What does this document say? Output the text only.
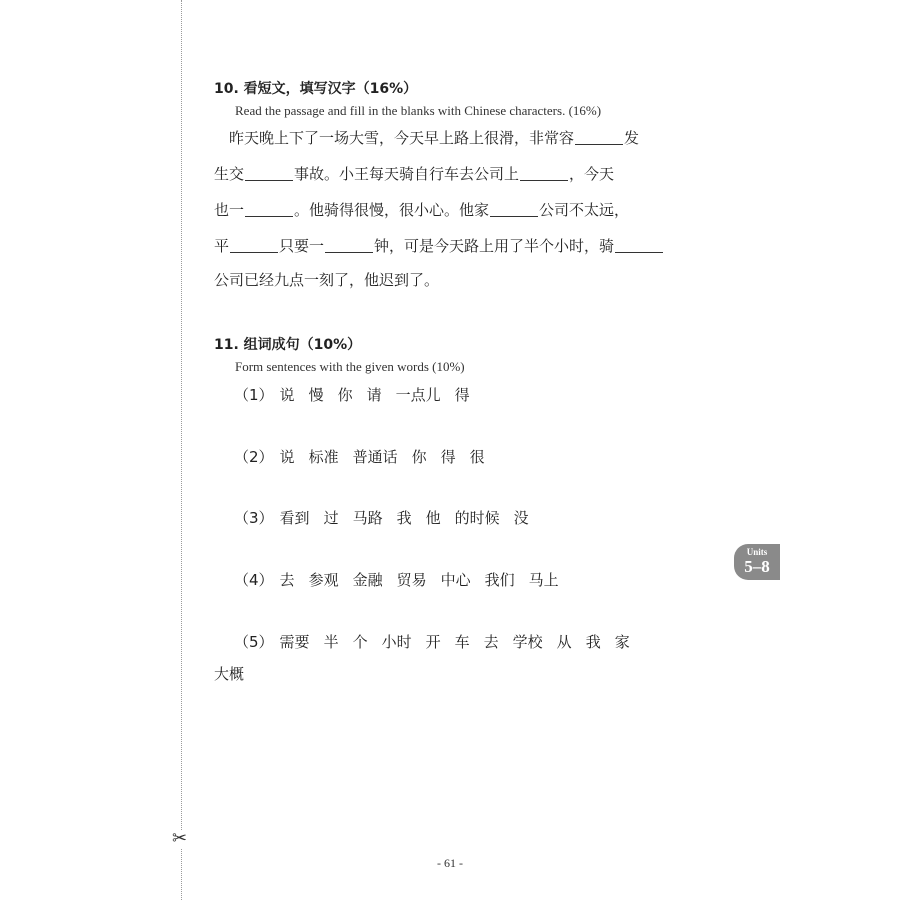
✂
10. 看短文，填写汉字（16%）
Read the passage and fill in the blanks with Chinese characters. (16%)
　昨天晚上下了一场大雪，今天早上路上很滑，非常容	发
生交	事故。小王每天骑自行车去公司上	，今天
也一	。他骑得很慢，很小心。他家	公司不太远，
平	只要一	钟，可是今天路上用了半个小时，骑
公司已经九点一刻了，他迟到了。
11. 组词成句（10%）
Form sentences with the given words (10%)
（1） 说 慢 你 请 一点儿 得
（2） 说 标准 普通话 你 得 很
（3） 看到 过 马路 我 他 的时候 没
（4） 去 参观 金融 贸易 中心 我们 马上
（5） 需要 半 个 小时 开 车 去 学校 从 我 家
大概
Units
5–8
- 61 -
